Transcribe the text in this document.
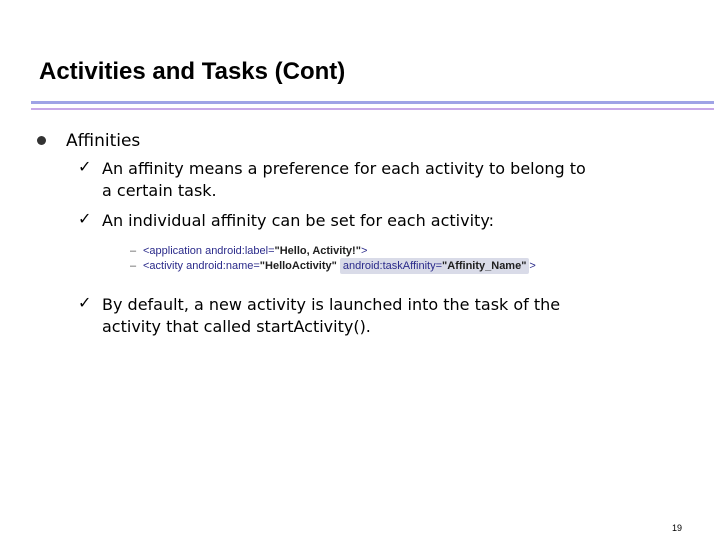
Activities and Tasks (Cont)
Affinities
✓ An affinity means a preference for each activity to belong to
a certain task.
✓ An individual affinity can be set for each activity:
– <application android:label="Hello, Activity!">
– <activity android:name="HelloActivity" android:taskAffinity="Affinity_Name" >
✓ By default, a new activity is launched into the task of the
activity that called startActivity().
19
